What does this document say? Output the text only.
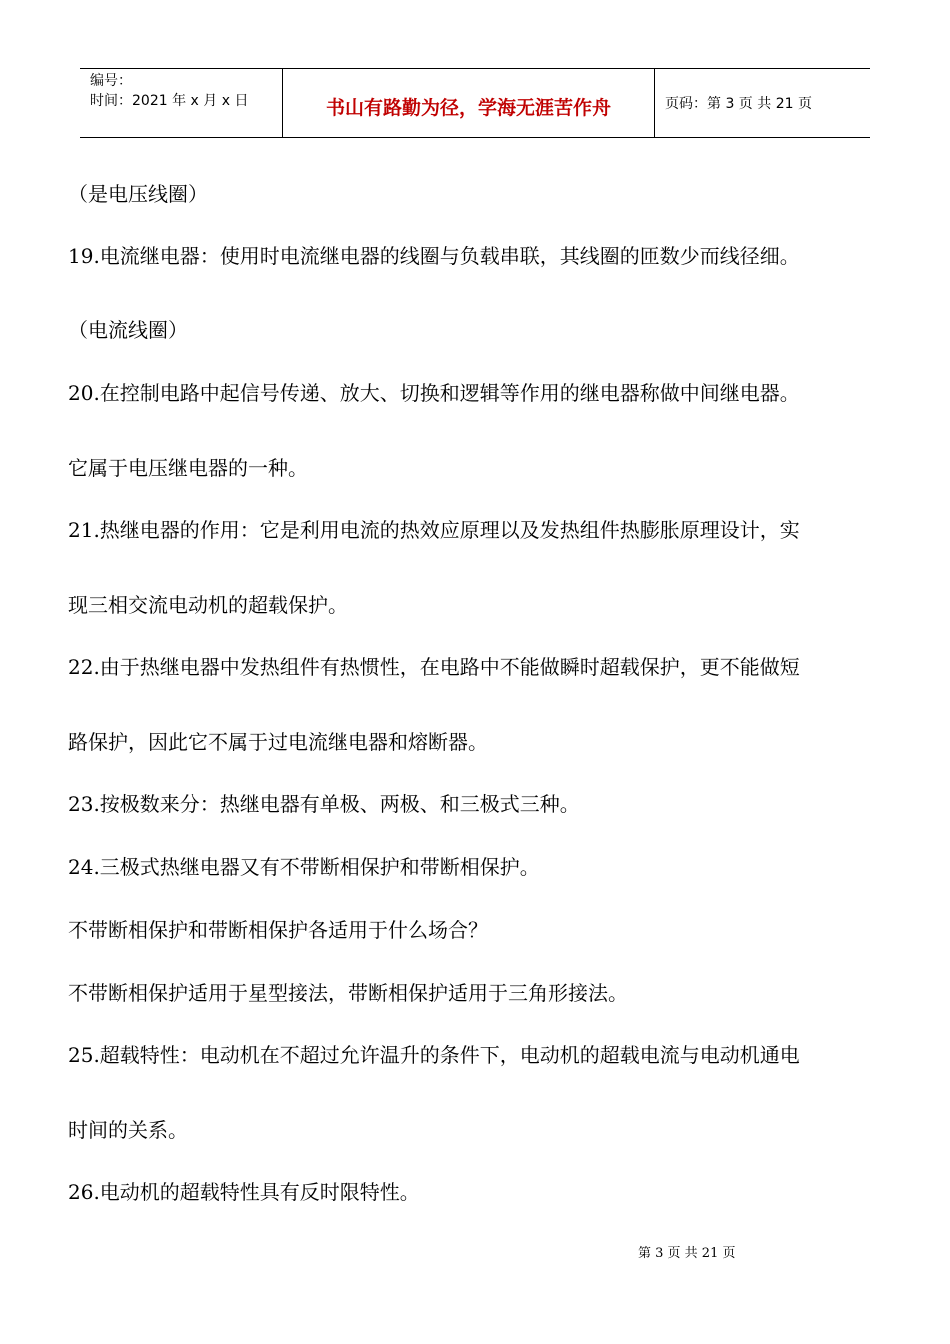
编号：
时间：2021 年 x 月 x 日	书山有路勤为径，学海无涯苦作舟	页码：第 3 页 共 21 页
（是电压线圈）
19.电流继电器：使用时电流继电器的线圈与负载串联，其线圈的匝数少而线径细。
（电流线圈）
20.在控制电路中起信号传递、放大、切换和逻辑等作用的继电器称做中间继电器。
它属于电压继电器的一种。
21.热继电器的作用：它是利用电流的热效应原理以及发热组件热膨胀原理设计，实
现三相交流电动机的超载保护。
22.由于热继电器中发热组件有热惯性，在电路中不能做瞬时超载保护，更不能做短
路保护，因此它不属于过电流继电器和熔断器。
23.按极数来分：热继电器有单极、两极、和三极式三种。
24.三极式热继电器又有不带断相保护和带断相保护。
不带断相保护和带断相保护各适用于什么场合？
不带断相保护适用于星型接法，带断相保护适用于三角形接法。
25.超载特性：电动机在不超过允许温升的条件下，电动机的超载电流与电动机通电
时间的关系。
26.电动机的超载特性具有反时限特性。
第 3 页 共 21 页
